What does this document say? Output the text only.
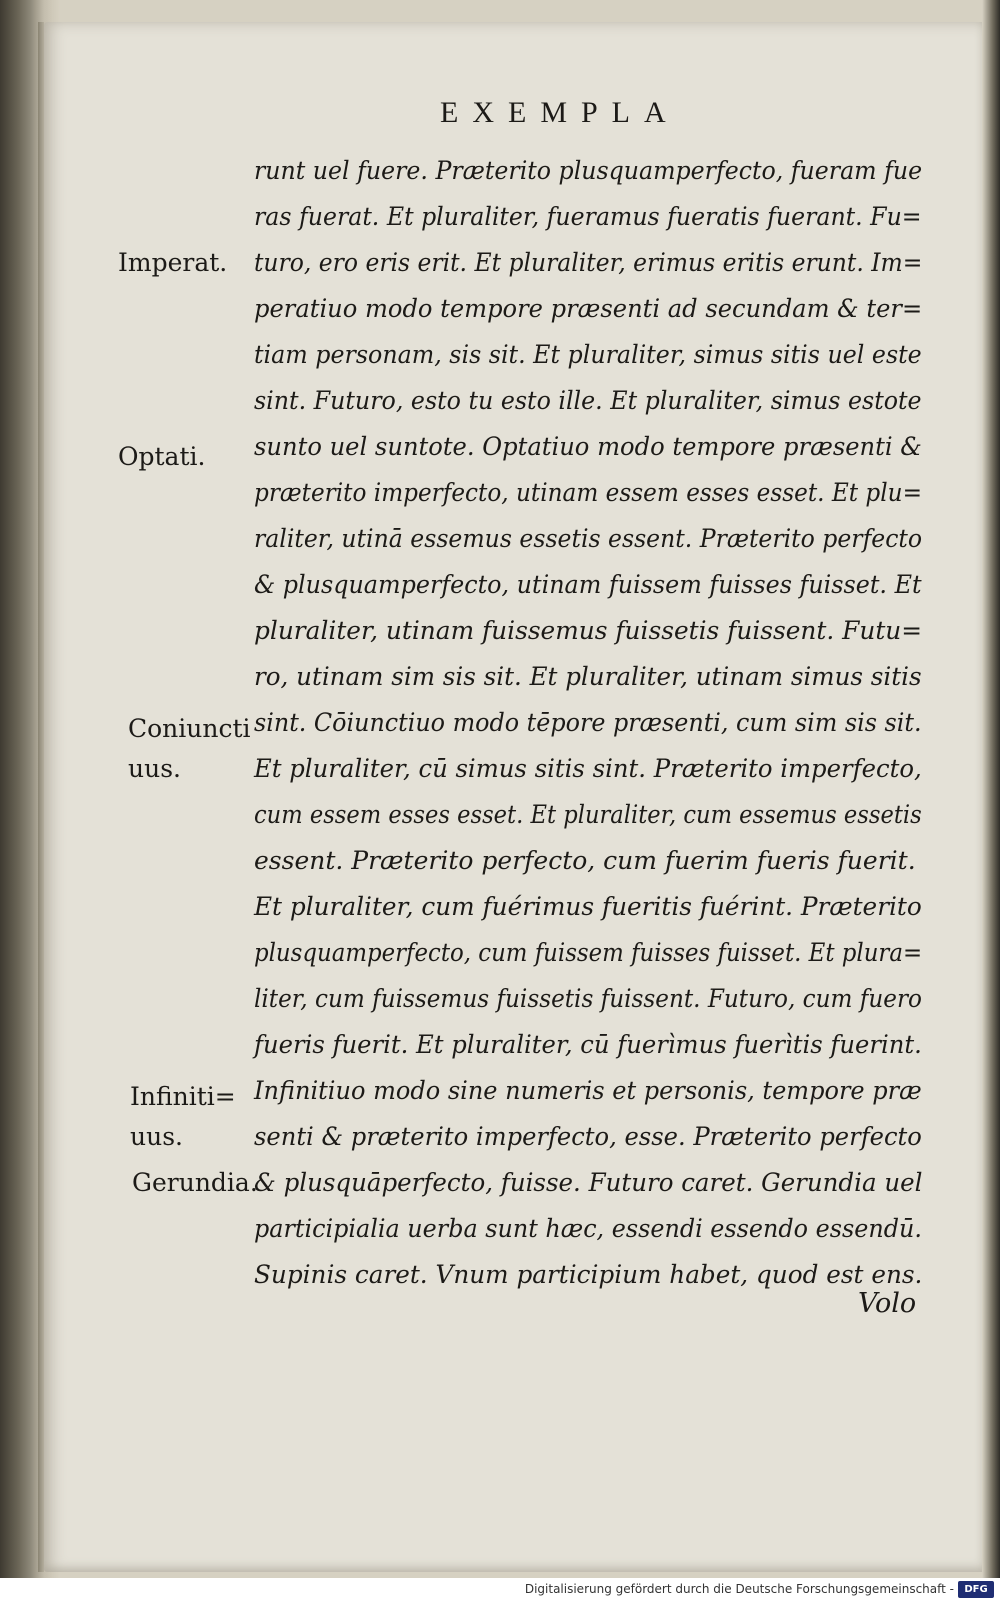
EXEMPLA
runt uel fuere. Præterito plusquamperfecto, fueram fue
ras fuerat. Et pluraliter, fueramus fueratis fuerant. Fu=
turo, ero eris erit. Et pluraliter, erimus eritis erunt. Im=
peratiuo modo tempore præsenti ad secundam & ter=
tiam personam, sis sit. Et pluraliter, simus sitis uel este
sint. Futuro, esto tu esto ille. Et pluraliter, simus estote
sunto uel suntote. Optatiuo modo tempore præsenti &
præterito imperfecto, utinam essem esses esset. Et plu=
raliter, utinā essemus essetis essent. Præterito perfecto
& plusquamperfecto, utinam fuissem fuisses fuisset. Et
pluraliter, utinam fuissemus fuissetis fuissent. Futu=
ro, utinam sim sis sit. Et pluraliter, utinam simus sitis
sint. Cōiunctiuo modo tēpore præsenti, cum sim sis sit.
Et pluraliter, cū simus sitis sint. Præterito imperfecto,
cum essem esses esset. Et pluraliter, cum essemus essetis
essent. Præterito perfecto, cum fuerim fueris fuerit.
Et pluraliter, cum fuérimus fueritis fuérint. Præterito
plusquamperfecto, cum fuissem fuisses fuisset. Et plura=
liter, cum fuissemus fuissetis fuissent. Futuro, cum fuero
fueris fuerit. Et pluraliter, cū fuerìmus fuerìtis fuerint.
Infinitiuo modo sine numeris et personis, tempore præ
senti & præterito imperfecto, esse. Præterito perfecto
& plusquāperfecto, fuisse. Futuro caret. Gerundia uel
participialia uerba sunt hæc, essendi essendo essendū.
Supinis caret. Vnum participium habet, quod est ens.
Imperat.
Optati.
Coniuncti
uus.
Infiniti=
uus.
Gerundia.
Volo
Digitalisierung gefördert durch die Deutsche Forschungsgemeinschaft -	DFG
